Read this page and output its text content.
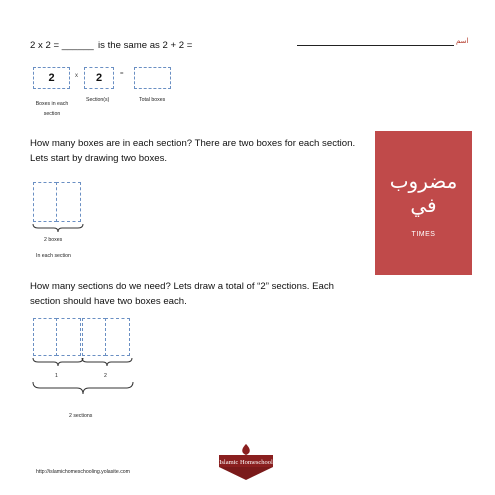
2 x 2 = ______ is the same as 2 + 2 =	اسم
2	x 2	=
Boxes in each section
Section(s)	Total boxes
How many boxes are in each section? There are two boxes for each section. Lets start by drawing two boxes.
2 boxes
In each section
How many sections do we need? Lets draw a total of “2” sections. Each section should have two boxes each.
1	2
2 sections
مضروب في
TIMES
http://islamichomeschooling.yolasite.com
Islamic Homeschool
